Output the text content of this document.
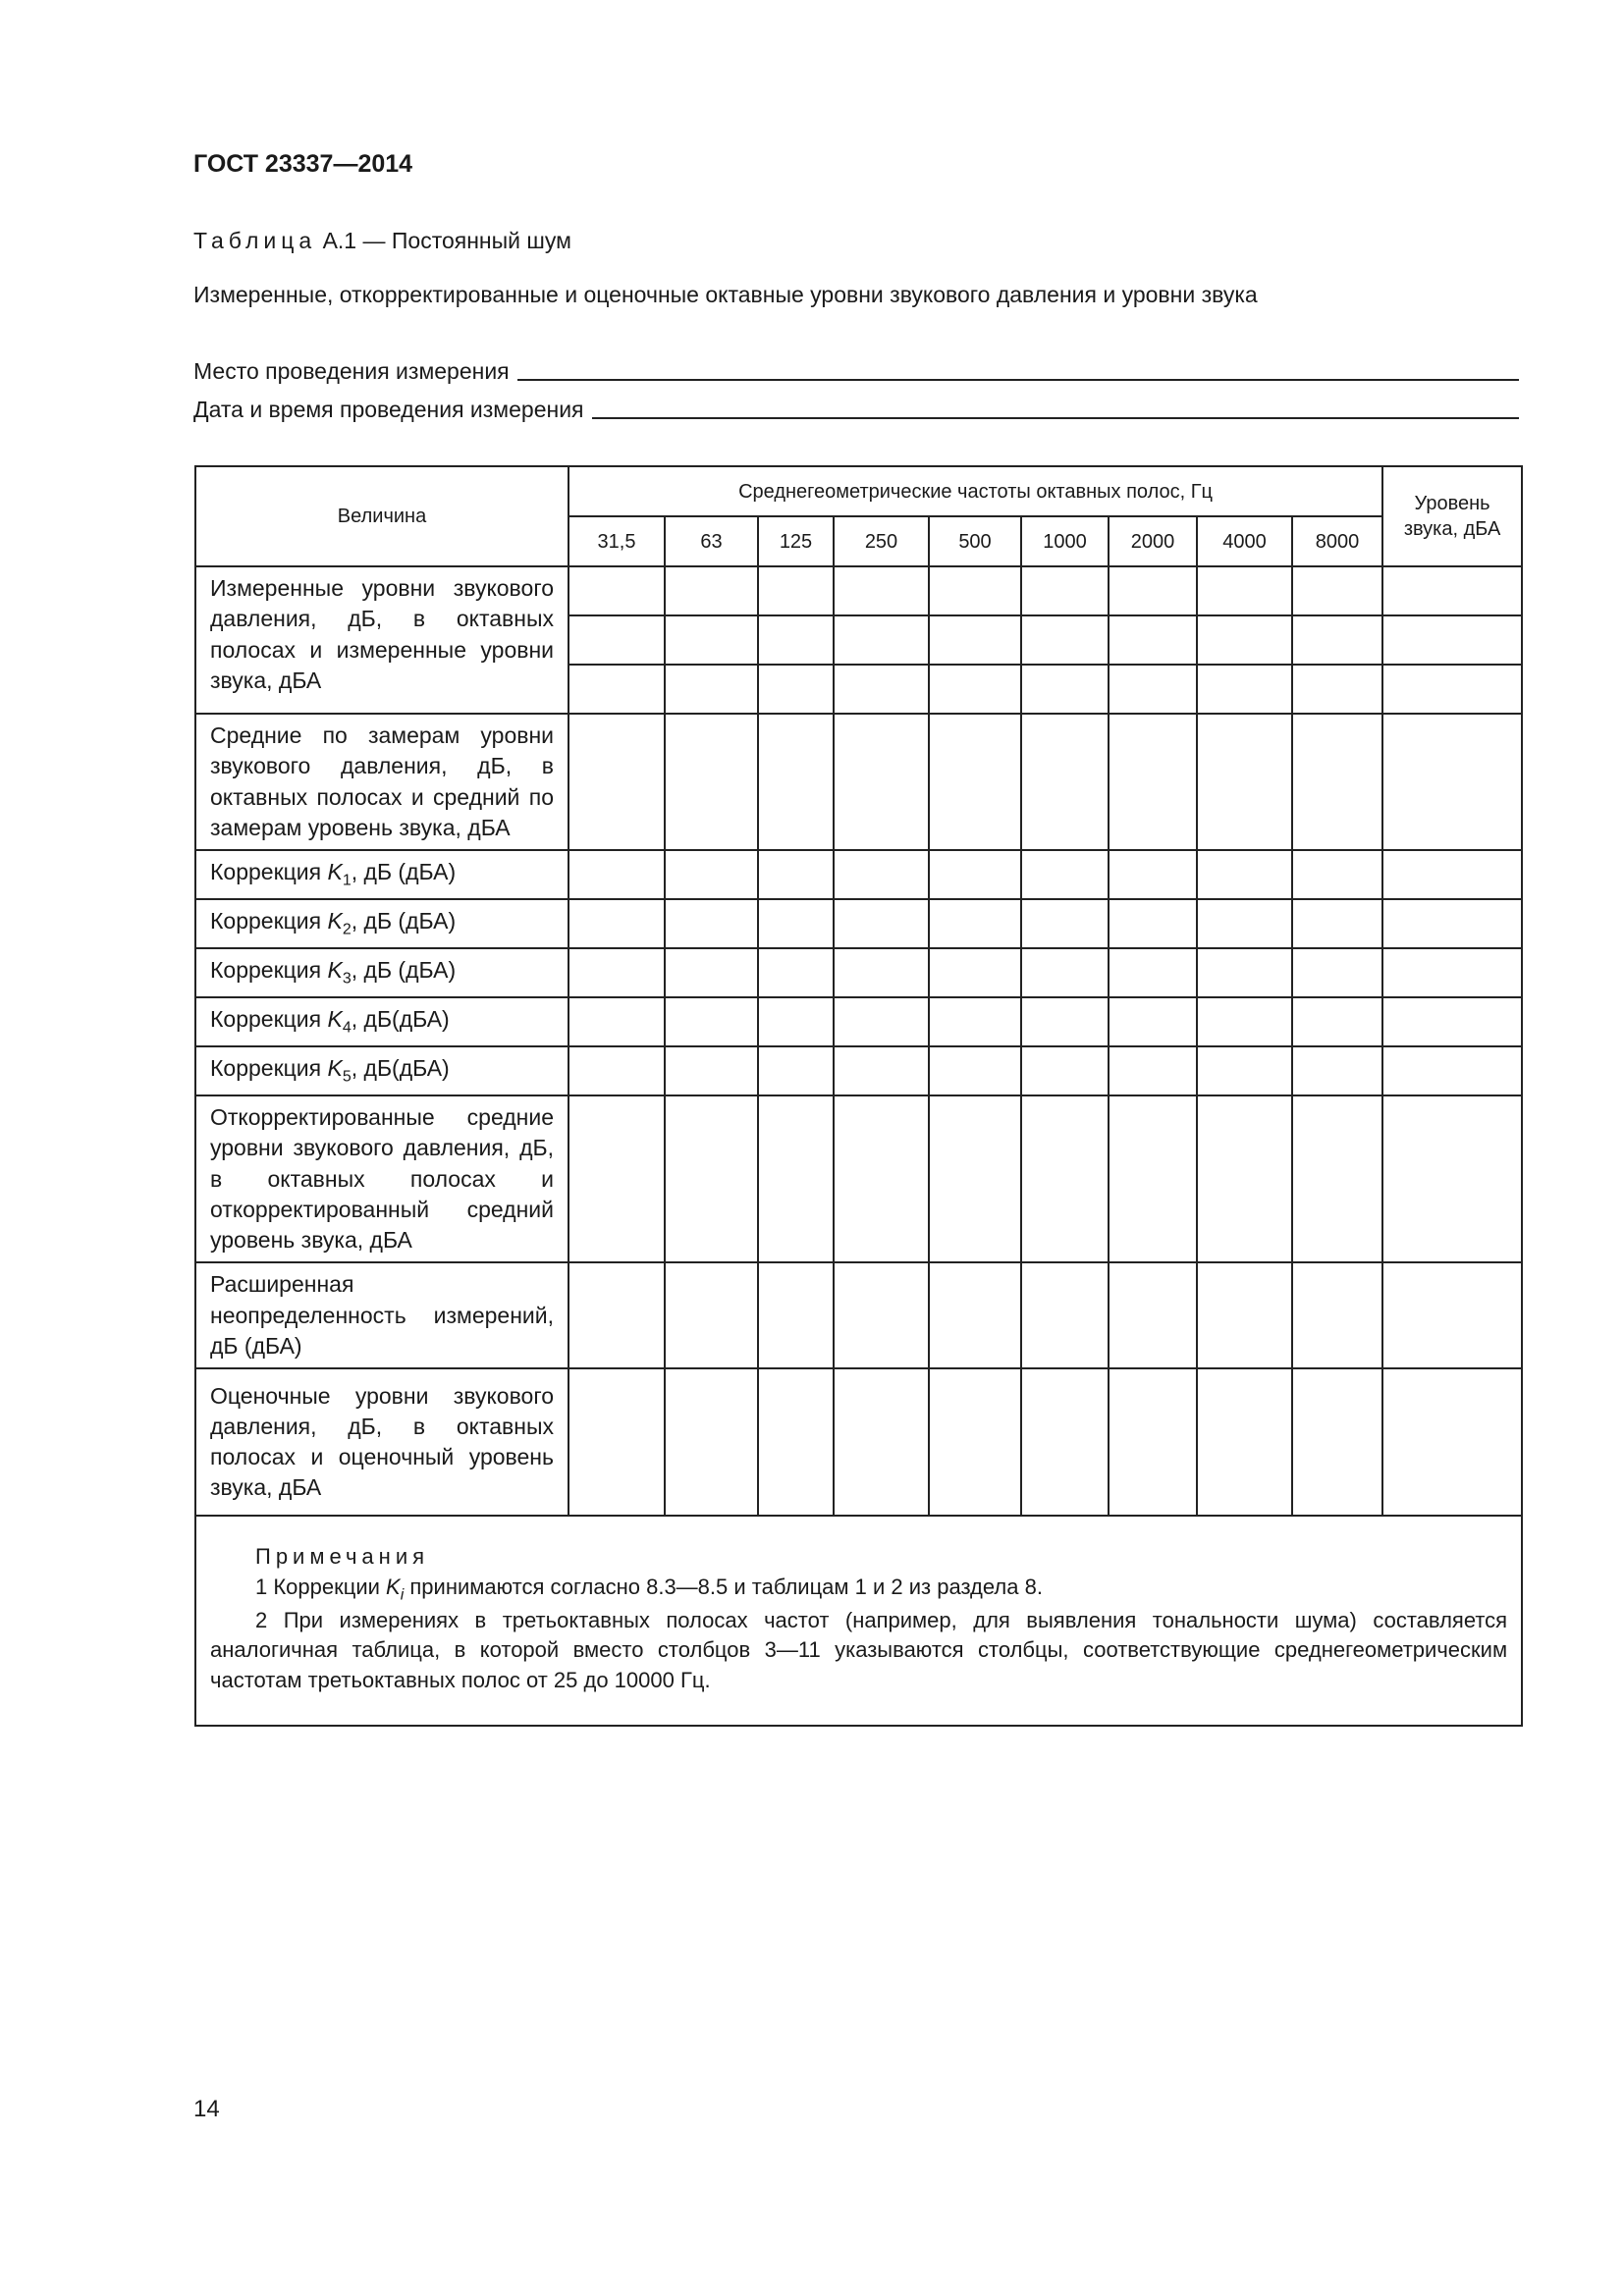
ГОСТ 23337—2014
Таблица А.1 — Постоянный шум
Измеренные, откорректированные и оценочные октавные уровни звукового давления и уровни звука
Место проведения измерения
Дата и время проведения измерения
Величина	Среднегеометрические частоты октавных полос, Гц									Уровень звука, дБА
	31,5	63	125	250	500	1000	2000	4000	8000	
Измеренные уровни звукового давления, дБ, в октавных полосах и измеренные уровни звука, дБА										

Средние по замерам уровни звукового давления, дБ, в октавных полосах и средний по замерам уровень звука, дБА										
Коррекция $K_1$, дБ (дБА)										
Коррекция $K_2$, дБ (дБА)										
Коррекция $K_3$, дБ (дБА)										
Коррекция $K_4$, дБ(дБА)										
Коррекция $K_5$, дБ(дБА)										
Откорректированные средние уровни звукового давления, дБ, в октавных полосах и откорректированный средний уровень звука, дБА										
Расширенная неопределенность измерений, дБ (дБА)										
Оценочные уровни звукового давления, дБ, в октавных полосах и оценочный уровень звука, дБА										

Примечания

1 Коррекции $K_i$ принимаются согласно 8.3—8.5 и таблицам 1 и 2 из раздела 8.

2 При измерениях в третьоктавных полосах частот (например, для выявления тональности шума) составляется аналогичная таблица, в которой вместо столбцов 3—11 указываются столбцы, соответствующие среднегеометрическим частотам третьоктавных полос от 25 до 10000 Гц.										

14
